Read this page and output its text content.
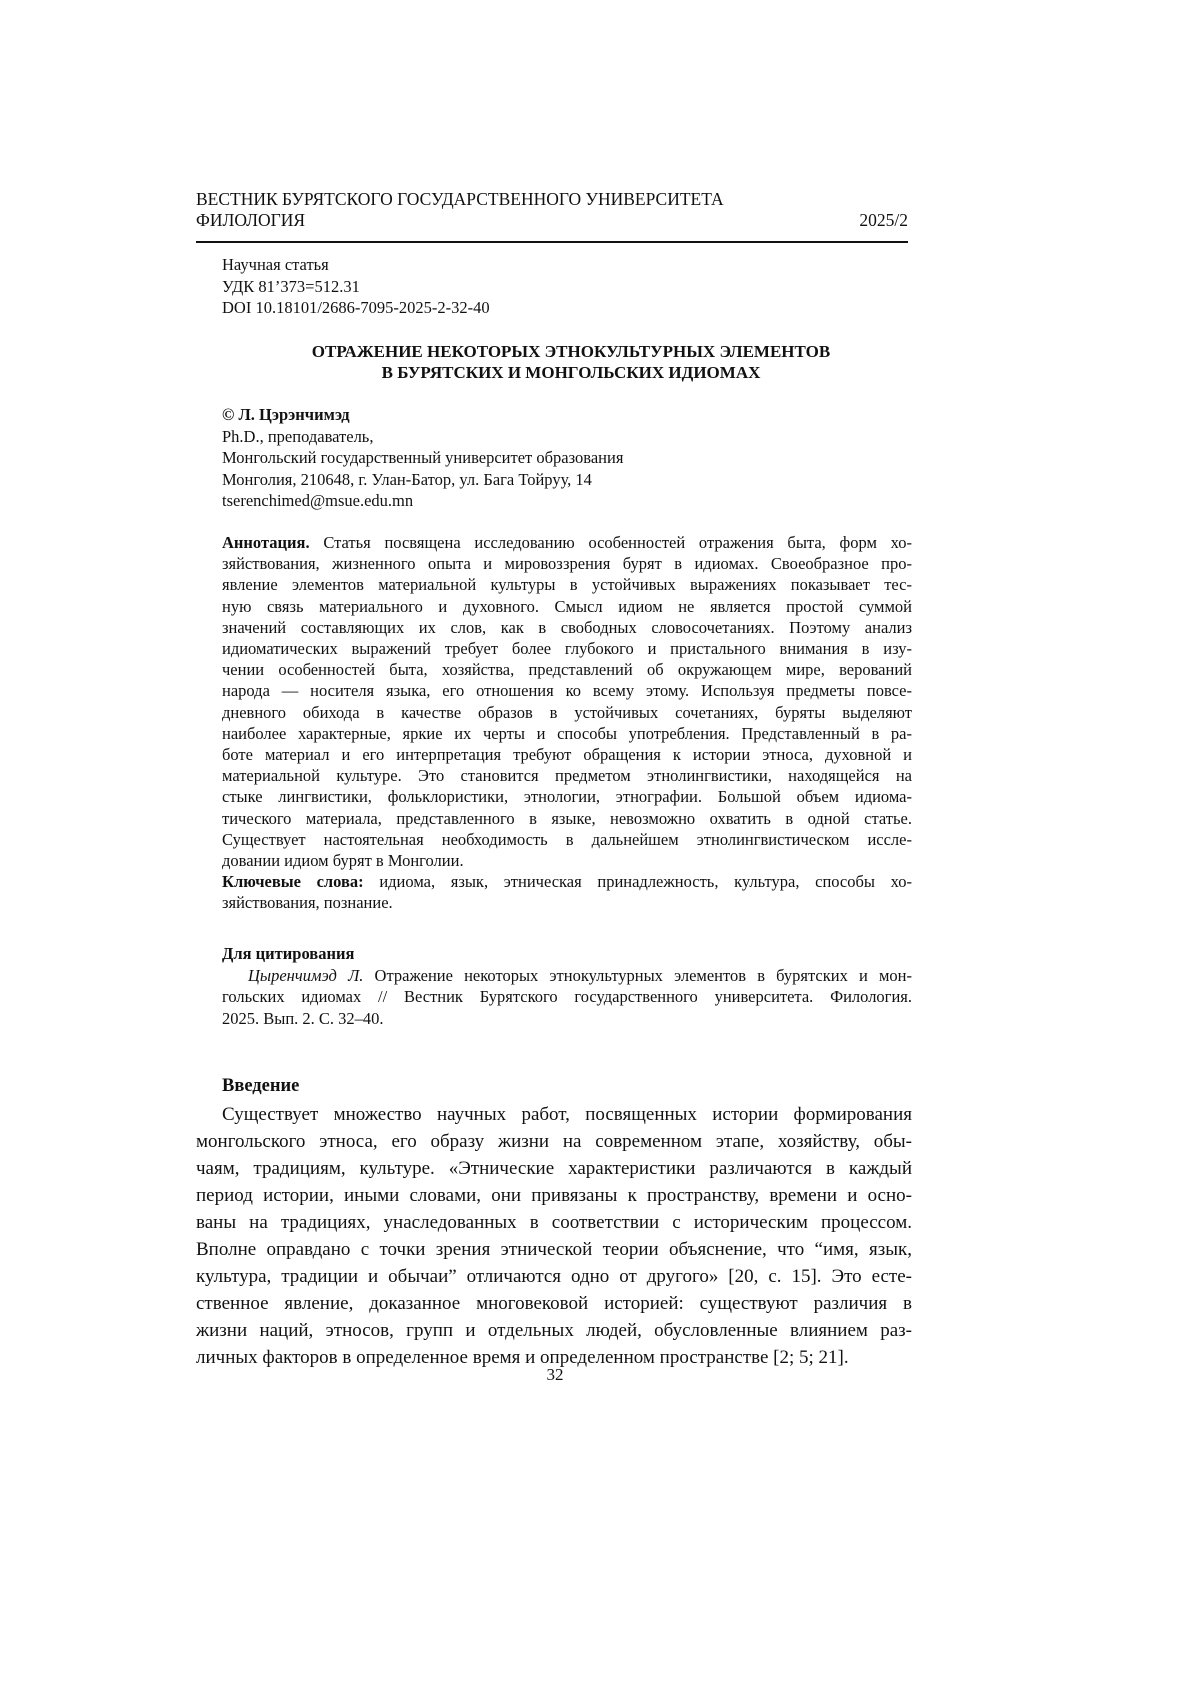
ВЕСТНИК БУРЯТСКОГО ГОСУДАРСТВЕННОГО УНИВЕРСИТЕТА
ФИЛОЛОГИЯ	2025/2
Научная статья
УДК 81’373=512.31
DOI 10.18101/2686-7095-2025-2-32-40
ОТРАЖЕНИЕ НЕКОТОРЫХ ЭТНОКУЛЬТУРНЫХ ЭЛЕМЕНТОВ
В БУРЯТСКИХ И МОНГОЛЬСКИХ ИДИОМАХ
© Л. Цэрэнчимэд
Ph.D., преподаватель,
Монгольский государственный университет образования
Монголия, 210648, г. Улан-Батор, ул. Бага Тойруу, 14
tserenchimed@msue.edu.mn
Аннотация. Статья посвящена исследованию особенностей отражения быта, форм хо-
зяйствования, жизненного опыта и мировоззрения бурят в идиомах. Своеобразное про-
явление элементов материальной культуры в устойчивых выражениях показывает тес-
ную связь материального и духовного. Смысл идиом не является простой суммой
значений составляющих их слов, как в свободных словосочетаниях. Поэтому анализ
идиоматических выражений требует более глубокого и пристального внимания в изу-
чении особенностей быта, хозяйства, представлений об окружающем мире, верований
народа — носителя языка, его отношения ко всему этому. Используя предметы повсе-
дневного обихода в качестве образов в устойчивых сочетаниях, буряты выделяют
наиболее характерные, яркие их черты и способы употребления. Представленный в ра-
боте материал и его интерпретация требуют обращения к истории этноса, духовной и
материальной культуре. Это становится предметом этнолингвистики, находящейся на
стыке лингвистики, фольклористики, этнологии, этнографии. Большой объем идиома-
тического материала, представленного в языке, невозможно охватить в одной статье.
Существует настоятельная необходимость в дальнейшем этнолингвистическом иссле-
довании идиом бурят в Монголии.
Ключевые слова: идиома, язык, этническая принадлежность, культура, способы хо-
зяйствования, познание.
Для цитирования
Цыренчимэд Л. Отражение некоторых этнокультурных элементов в бурятских и мон-
гольских идиомах // Вестник Бурятского государственного университета. Филология.
2025. Вып. 2. С. 32–40.
Введение
Существует множество научных работ, посвященных истории формирования
монгольского этноса, его образу жизни на современном этапе, хозяйству, обы-
чаям, традициям, культуре. «Этнические характеристики различаются в каждый
период истории, иными словами, они привязаны к пространству, времени и осно-
ваны на традициях, унаследованных в соответствии с историческим процессом.
Вполне оправдано с точки зрения этнической теории объяснение, что “имя, язык,
культура, традиции и обычаи” отличаются одно от другого» [20, с. 15]. Это есте-
ственное явление, доказанное многовековой историей: существуют различия в
жизни наций, этносов, групп и отдельных людей, обусловленные влиянием раз-
личных факторов в определенное время и определенном пространстве [2; 5; 21].
32
